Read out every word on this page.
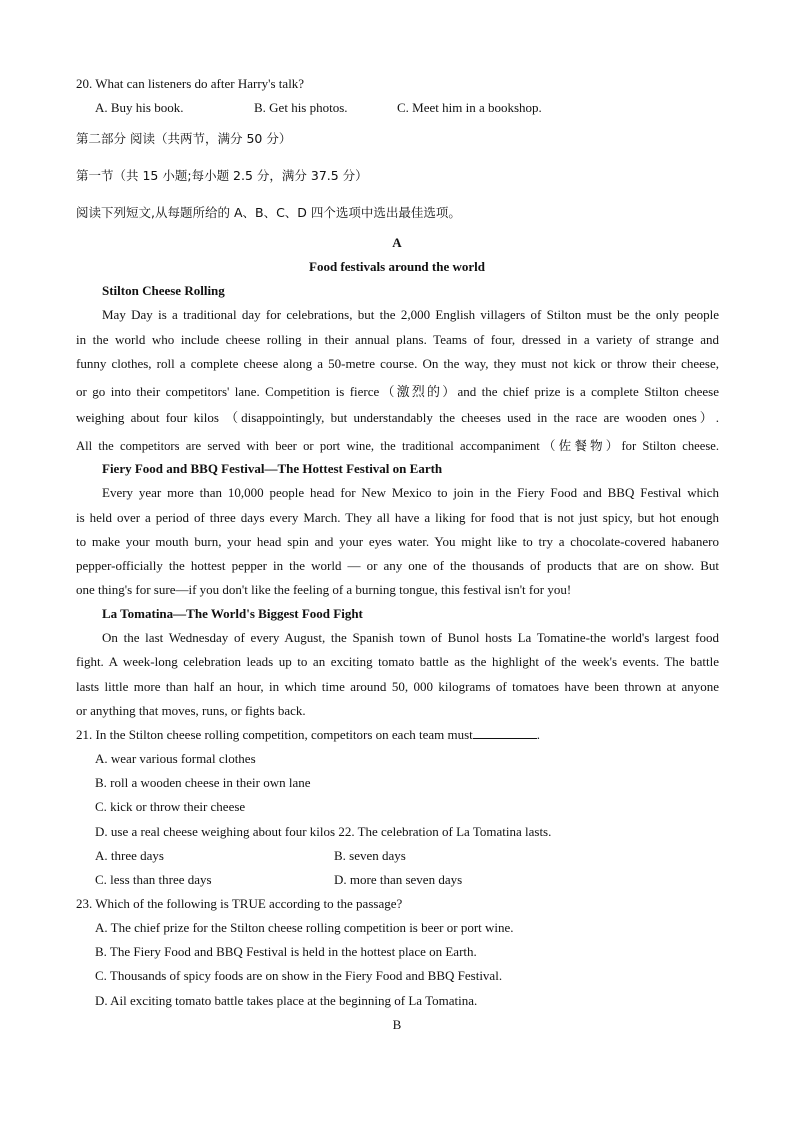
20. What can listeners do after Harry's talk?
A. Buy his book.	B. Get his photos.	C. Meet him in a bookshop.
第二部分 阅读（共两节，满分 50 分）
第一节（共 15 小题;每小题 2.5 分，满分 37.5 分）
阅读下列短文,从每题所给的 A、B、C、D 四个选项中选出最佳选项。
A
Food festivals around the world
Stilton Cheese Rolling
May Day is a traditional day for celebrations, but the 2,000 English villagers of Stilton must be the only people
in the world who include cheese rolling in their annual plans. Teams of four, dressed in a variety of strange and
funny clothes, roll a complete cheese along a 50-metre course. On the way, they must not kick or throw their cheese,
or go into their competitors' lane. Competition is fierce（激烈的）and the chief prize is a complete Stilton cheese
weighing about four kilos （disappointingly, but understandably the cheeses used in the race are wooden ones）.
All the competitors are served with beer or port wine, the traditional accompaniment（佐餐物）for Stilton cheese.
Fiery Food and BBQ Festival—The Hottest Festival on Earth
Every year more than 10,000 people head for New Mexico to join in the Fiery Food and BBQ Festival which
is held over a period of three days every March. They all have a liking for food that is not just spicy, but hot enough
to make your mouth burn, your head spin and your eyes water. You might like to try a chocolate-covered habanero
pepper-officially the hottest pepper in the world — or any one of the thousands of products that are on show. But
one thing's for sure—if you don't like the feeling of a burning tongue, this festival isn't for you!
La Tomatina—The World's Biggest Food Fight
On the last Wednesday of every August, the Spanish town of Bunol hosts La Tomatine-the world's largest food
fight. A week-long celebration leads up to an exciting tomato battle as the highlight of the week's events. The battle
lasts little more than half an hour, in which time around 50, 000 kilograms of tomatoes have been thrown at anyone
or anything that moves, runs, or fights back.
21. In the Stilton cheese rolling competition, competitors on each team must	.
A. wear various formal clothes
B. roll a wooden cheese in their own lane
C. kick or throw their cheese
D. use a real cheese weighing about four kilos 22. The celebration of La Tomatina lasts.
A. three days	B. seven days
C. less than three days	D. more than seven days
23. Which of the following is TRUE according to the passage?
A. The chief prize for the Stilton cheese rolling competition is beer or port wine.
B. The Fiery Food and BBQ Festival is held in the hottest place on Earth.
C. Thousands of spicy foods are on show in the Fiery Food and BBQ Festival.
D. Ail exciting tomato battle takes place at the beginning of La Tomatina.
B
